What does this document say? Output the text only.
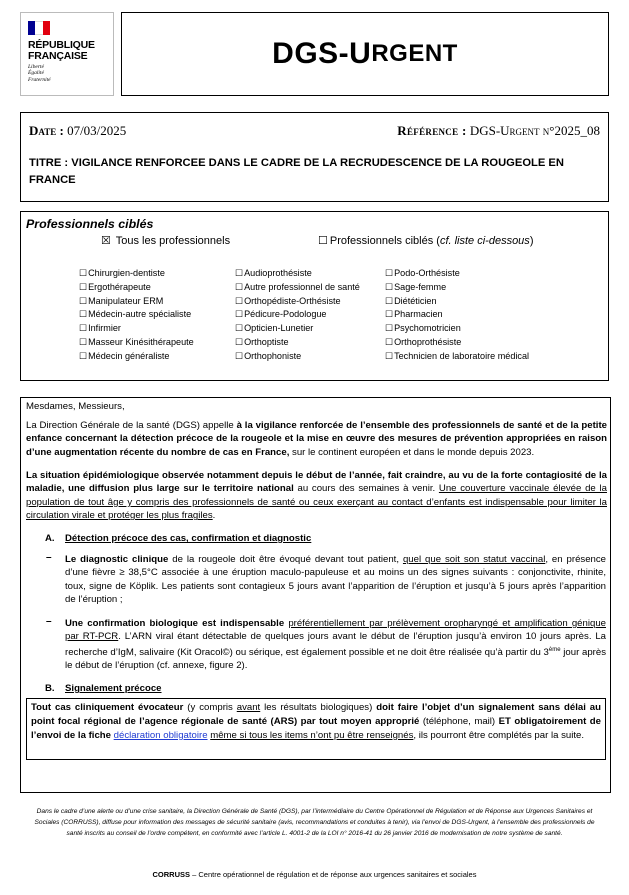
RÉPUBLIQUE
FRANÇAISE
Liberté
Égalité
Fraternité
DGS-U RGENT
Date : 07/03/2025	Référence : DGS-Urgent n°2025_08
TITRE : VIGILANCE RENFORCEE DANS LE CADRE DE LA RECRUDESCENCE DE LA ROUGEOLE EN FRANCE
Professionnels ciblés
☒ Tous les professionnels	☐ Professionnels ciblés (cf. liste ci-dessous)
☐Chirurgien-dentiste
☐Ergothérapeute
☐Manipulateur ERM
☐Médecin-autre spécialiste
☐Infirmier
☐Masseur Kinésithérapeute
☐Médecin généraliste
☐Audioprothésiste
☐Autre professionnel de santé
☐Orthopédiste-Orthésiste
☐Pédicure-Podologue
☐Opticien-Lunetier
☐Orthoptiste
☐Orthophoniste
☐Podo-Orthésiste
☐Sage-femme
☐Diététicien
☐Pharmacien
☐Psychomotricien
☐Orthoprothésiste
☐Technicien de laboratoire médical
Mesdames, Messieurs,
La Direction Générale de la santé (DGS) appelle à la vigilance renforcée de l’ensemble des professionnels de santé et de la petite enfance concernant la détection précoce de la rougeole et la mise en œuvre des mesures de prévention appropriées en raison d’une augmentation récente du nombre de cas en France, sur le continent européen et dans le monde depuis 2023.
La situation épidémiologique observée notamment depuis le début de l’année, fait craindre, au vu de la forte contagiosité de la maladie, une diffusion plus large sur le territoire national au cours des semaines à venir. Une couverture vaccinale élevée de la population de tout âge y compris des professionnels de santé ou ceux exerçant au contact d’enfants est indispensable pour limiter la circulation virale et protéger les plus fragiles.
A. Détection précoce des cas, confirmation et diagnostic
– Le diagnostic clinique de la rougeole doit être évoqué devant tout patient, quel que soit son statut vaccinal, en présence d’une fièvre ≥ 38,5°C associée à une éruption maculo-papuleuse et au moins un des signes suivants : conjonctivite, rhinite, toux, signe de Köplik. Les patients sont contagieux 5 jours avant l’apparition de l’éruption et jusqu’à 5 jours après l’apparition de l’éruption ;
– Une confirmation biologique est indispensable préférentiellement par prélèvement oropharyngé et amplification génique par RT-PCR. L’ARN viral étant détectable de quelques jours avant le début de l’éruption jusqu’à environ 10 jours après. La recherche d’IgM, salivaire (Kit Oracol©) ou sérique, est également possible et ne doit être réalisée qu’à partir du 3ème jour après le début de l’éruption (cf. annexe, figure 2).
B. Signalement précoce
Tout cas cliniquement évocateur (y compris avant les résultats biologiques) doit faire l’objet d’un signalement sans délai au point focal régional de l’agence régionale de santé (ARS) par tout moyen approprié (téléphone, mail) ET obligatoirement de l’envoi de la fiche déclaration obligatoire même si tous les items n’ont pu être renseignés, ils pourront être complétés par la suite.
Dans le cadre d’une alerte ou d’une crise sanitaire, la Direction Générale de Santé (DGS), par l’intermédiaire du Centre Opérationnel de Régulation et de Réponse aux Urgences Sanitaires et Sociales (CORRUSS), diffuse pour information des messages de sécurité sanitaire (avis, recommandations et conduites à tenir), via l’envoi de DGS-Urgent, à l’ensemble des professionnels de santé inscrits au conseil de l’ordre compétent, en conformité avec l’article L. 4001-2 de la LOI n° 2016-41 du 26 janvier 2016 de modernisation de notre système de santé.
CORRUSS – Centre opérationnel de régulation et de réponse aux urgences sanitaires et sociales
